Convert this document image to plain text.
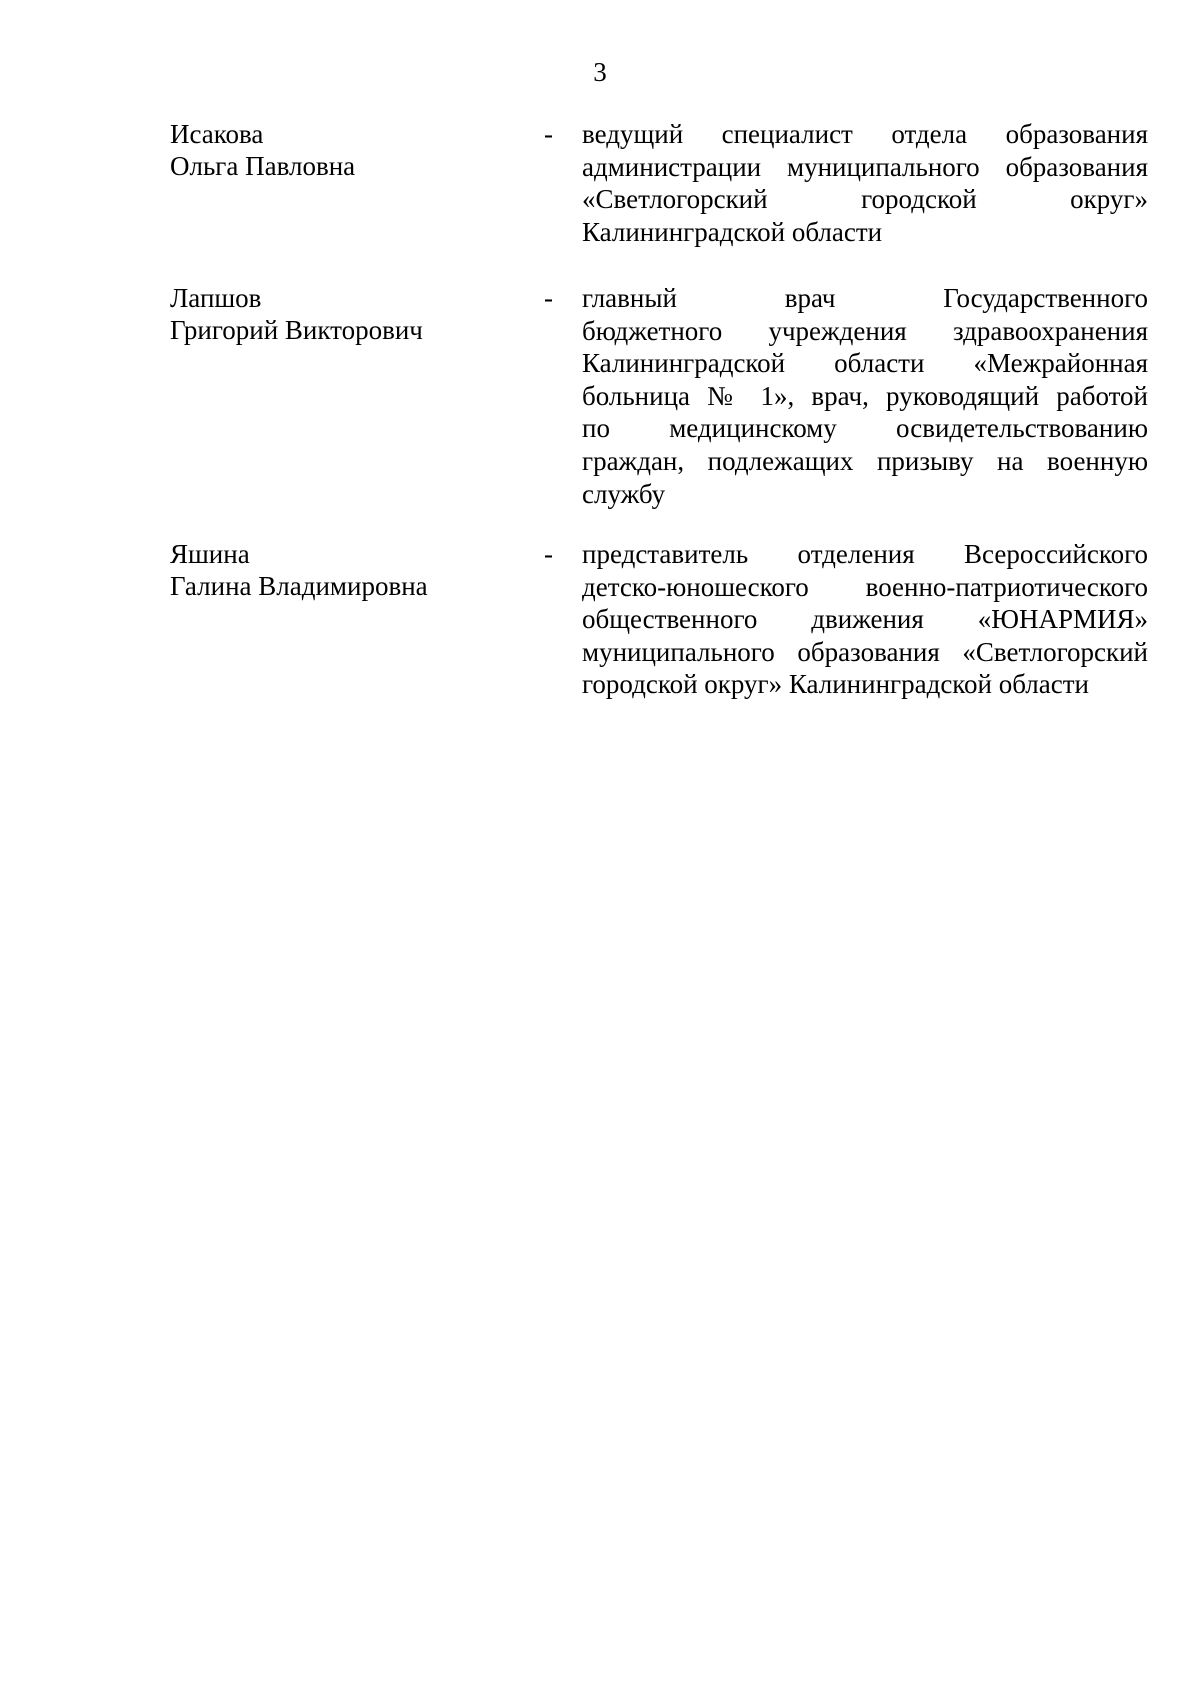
3
Исакова
Ольга Павловна
- ведущий специалист отдела образования
администрации муниципального образования
«Светлогорский городской округ»
Калининградской области
Лапшов
Григорий Викторович
- главный врач Государственного
бюджетного учреждения здравоохранения
Калининградской области «Межрайонная
больница № 1», врач, руководящий работой
по медицинскому освидетельствованию
граждан, подлежащих призыву на военную
службу
Яшина
Галина Владимировна
- представитель отделения Всероссийского
детско-юношеского военно-патриотического
общественного движения «ЮНАРМИЯ»
муниципального образования «Светлогорский
городской округ» Калининградской области
